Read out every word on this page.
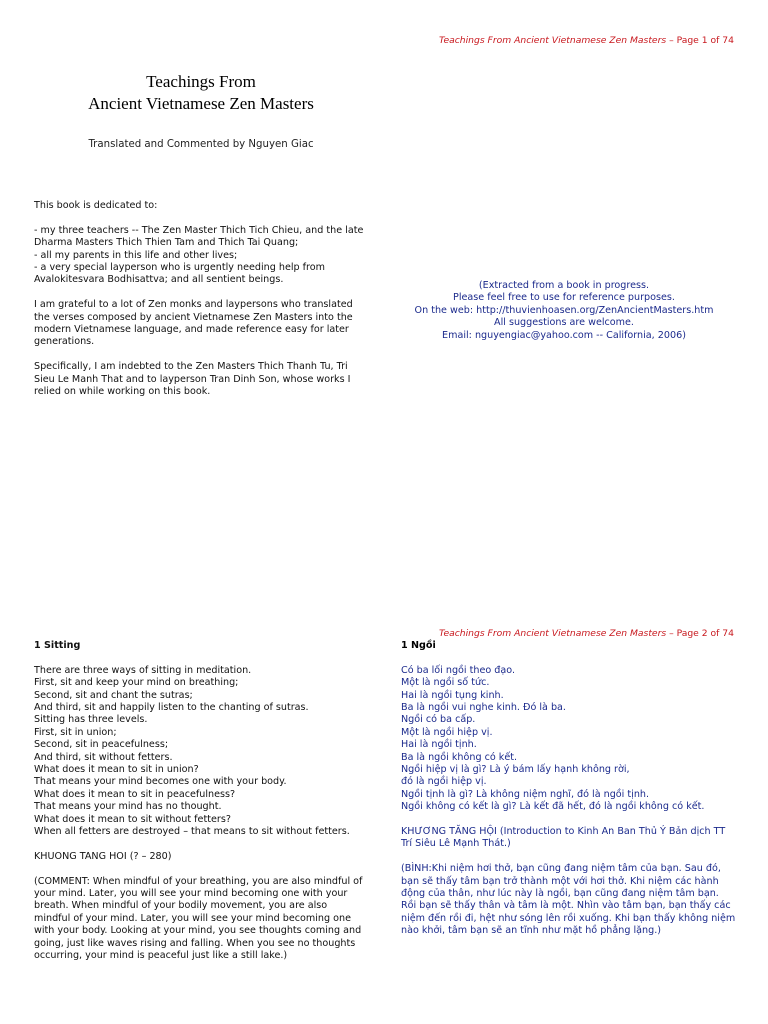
Teachings From Ancient Vietnamese Zen Masters – Page 1 of 74
Teachings From
Ancient Vietnamese Zen Masters
Translated and Commented by Nguyen Giac

This book is dedicated to:

- my three teachers -- The Zen Master Thich Tich Chieu, and the late Dharma Masters Thich Thien Tam and Thich Tai Quang;

- all my parents in this life and other lives;

- a very special layperson who is urgently needing help from Avalokitesvara Bodhisattva; and all sentient beings.

I am grateful to a lot of Zen monks and laypersons who translated the verses composed by ancient Vietnamese Zen Masters into the modern Vietnamese language, and made reference easy for later generations.

Specifically, I am indebted to the Zen Masters Thich Thanh Tu, Tri Sieu Le Manh That and to layperson Tran Dinh Son, whose works I relied on while working on this book.

(Extracted from a book in progress.
Please feel free to use for reference purposes.
On the web: http://thuvienhoasen.org/ZenAncientMasters.htm
All suggestions are welcome.
Email: nguyengiac@yahoo.com -- California, 2006)
Teachings From Ancient Vietnamese Zen Masters – Page 2 of 74
1 Sitting
There are three ways of sitting in meditation.
First, sit and keep your mind on breathing;
Second, sit and chant the sutras;
And third, sit and happily listen to the chanting of sutras.
Sitting has three levels.
First, sit in union;
Second, sit in peacefulness;
And third, sit without fetters.
What does it mean to sit in union?
That means your mind becomes one with your body.
What does it mean to sit in peacefulness?
That means your mind has no thought.
What does it mean to sit without fetters?
When all fetters are destroyed – that means to sit without fetters.
KHUONG TANG HOI (? – 280)
(COMMENT: When mindful of your breathing, you are also mindful of your mind. Later, you will see your mind becoming one with your breath. When mindful of your bodily movement, you are also mindful of your mind. Later, you will see your mind becoming one with your body. Looking at your mind, you see thoughts coming and going, just like waves rising and falling. When you see no thoughts occurring, your mind is peaceful just like a still lake.)
1 Ngồi
Có ba lối ngồi theo đạo.
Một là ngồi số tức.
Hai là ngồi tụng kinh.
Ba là ngồi vui nghe kinh. Đó là ba.
Ngồi có ba cấp.
Một là ngồi hiệp vị.
Hai là ngồi tịnh.
Ba là ngồi không có kết.
Ngồi hiệp vị là gì? Là ý bám lấy hạnh không rời,
đó là ngồi hiệp vị.
Ngồi tịnh là gì? Là không niệm nghĩ, đó là ngồi tịnh.
Ngồi không có kết là gì? Là kết đã hết, đó là ngồi không có kết.
KHƯƠNG TĂNG HỘI (Introduction to Kinh An Ban Thủ Ý Bản dịch TT Trí Siêu Lê Mạnh Thát.)
(BÌNH:Khi niệm hơi thở, bạn cũng đang niệm tâm của bạn. Sau đó, bạn sẽ thấy tâm bạn trở thành một với hơi thở. Khi niệm các hành động của thân, như lúc này là ngồi, bạn cũng đang niệm tâm bạn. Rồi bạn sẽ thấy thân và tâm là một. Nhìn vào tâm bạn, bạn thấy các niệm đến rồi đi, hệt như sóng lên rồi xuống. Khi bạn thấy không niệm nào khởi, tâm bạn sẽ an tĩnh như mặt hồ phẳng lặng.)
